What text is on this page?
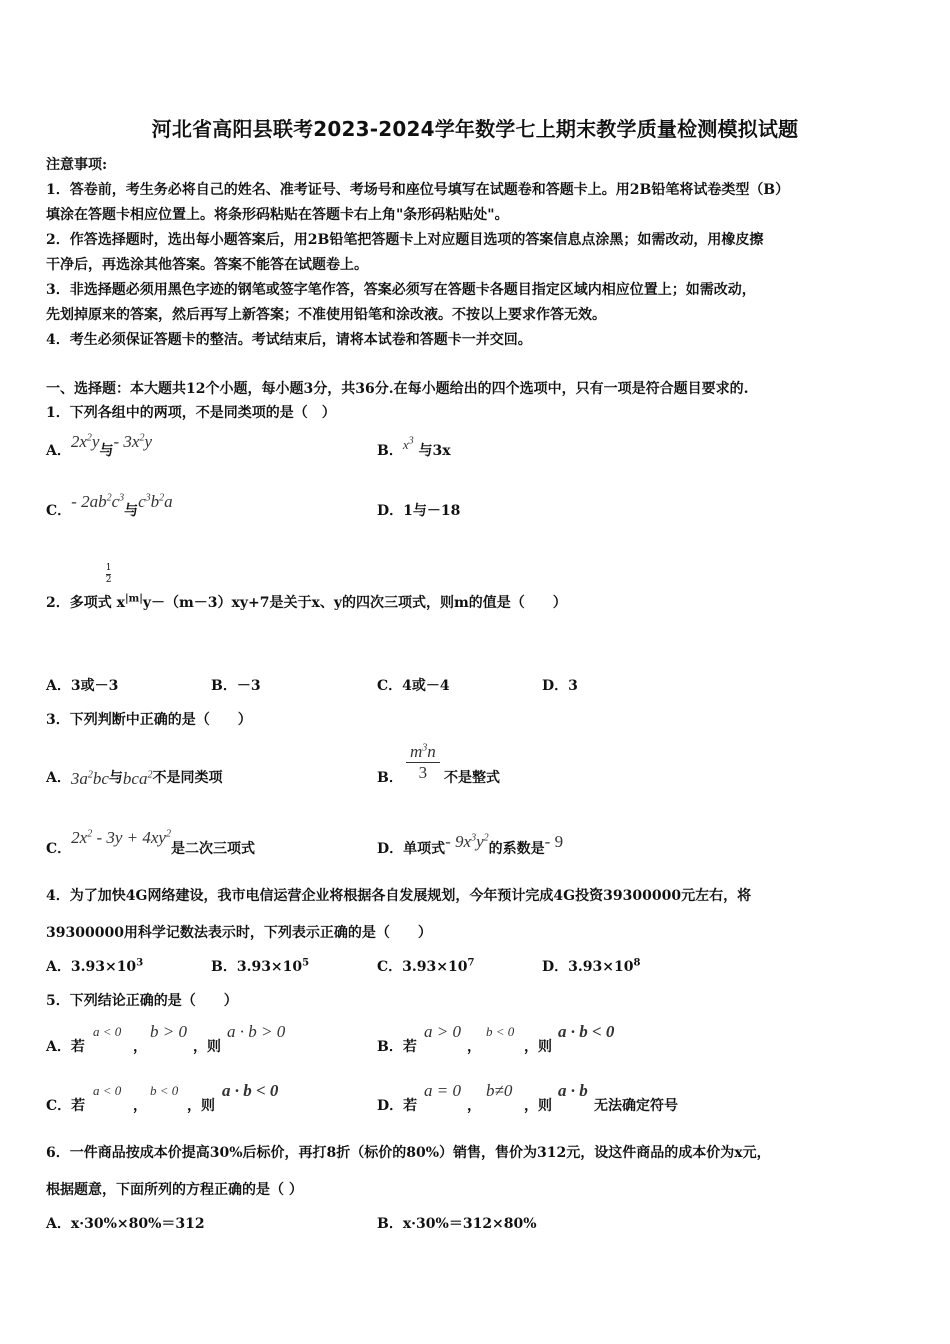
河北省高阳县联考2023-2024学年数学七上期末教学质量检测模拟试题
注意事项:
1．答卷前，考生务必将自己的姓名、准考证号、考场号和座位号填写在试题卷和答题卡上。用2B铅笔将试卷类型（B）
填涂在答题卡相应位置上。将条形码粘贴在答题卡右上角"条形码粘贴处"。
2．作答选择题时，选出每小题答案后，用2B铅笔把答题卡上对应题目选项的答案信息点涂黑；如需改动，用橡皮擦
干净后，再选涂其他答案。答案不能答在试题卷上。
3．非选择题必须用黑色字迹的钢笔或签字笔作答，答案必须写在答题卡各题目指定区域内相应位置上；如需改动，
先划掉原来的答案，然后再写上新答案；不准使用铅笔和涂改液。不按以上要求作答无效。
4．考生必须保证答题卡的整洁。考试结束后，请将本试卷和答题卡一并交回。
一、选择题：本大题共12个小题，每小题3分，共36分.在每小题给出的四个选项中，只有一项是符合题目要求的.
1．下列各组中的两项，不是同类项的是（　）
A．$2x^2y$与- $3x^2y$	B．$x^3$ 与3x
C．- $2ab^2c^3$与$c^3b^2a$	D．1与－18
2．多项式
1
2
$x^{|m|}y-(m-3)xy+7$是关于x、y的四次三项式，则m的值是（　　）
A．3或－3	B．－3	C．4或－4	D．3
3．下列判断中正确的是（　　）
A．$3a^2bc$与bca$^2$不是同类项	B． $\frac{m^3n}{3}$ 不是整式
C．$2x^2 - 3y + 4xy^2$是二次三项式	D．单项式- $9x^3y^2$的系数是- 9
4．为了加快4G网络建设，我市电信运营企业将根据各自发展规划，今年预计完成4G投资39300000元左右，将
39300000用科学记数法表示时，下列表示正确的是（　　）
A．$3.93\times 10^3$	B．$3.93\times 10^5$	C．$3.93\times 10^7$	D．$3.93\times 10^8$
5．下列结论正确的是（　　）
A．若
a < 0
，
b > 0
，则
a · b > 0
B．若
a > 0
，
b < 0
，则
a · b < 0
C．若
a < 0
，
b < 0
，则
a · b < 0
D．若
a = 0
，
b≠0
，则
a · b
无法确定符号
6．一件商品按成本价提高30%后标价，再打8折（标价的80%）销售，售价为312元，设这件商品的成本价为x元，
根据题意，下面所列的方程正确的是（ ）
A．x·30%×80%＝312	B．x·30%＝312×80%
